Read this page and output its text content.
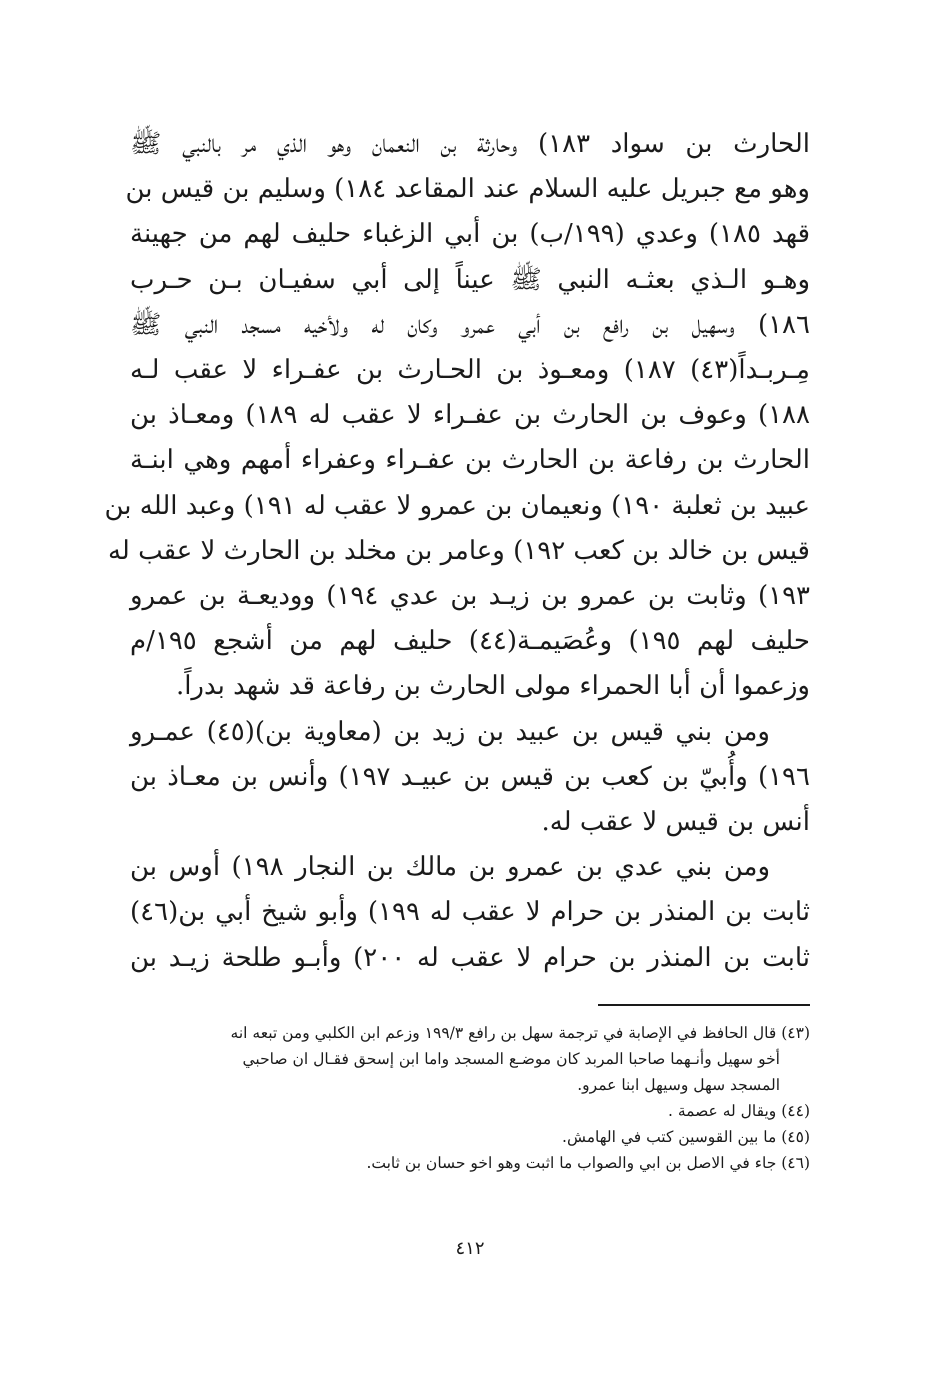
الحارث بن سواد ١٨٣) وحارثة بن النعمان وهو الذي مر بالنبي ﷺ
وهو مع جبريل عليه السلام عند المقاعد ١٨٤) وسليم بن قيس بن
قهد ١٨٥) وعدي (١٩٩/ب) بن أبي الزغباء حليف لهم من جهينة
وهـو الـذي بعثـه النبي ﷺ عيناً إلى أبي سفيـان بـن حـرب
١٨٦) وسهيل بن رافع بن أبي عمرو وكان له ولأخيه مسجد النبي ﷺ
مِـربـداً(٤٣) ١٨٧) ومعـوذ بن الحـارث بن عفـراء لا عقب لـه
١٨٨) وعوف بن الحارث بن عفـراء لا عقب له ١٨٩) ومعـاذ بن
الحارث بن رفاعة بن الحارث بن عفـراء وعفراء أمهم وهي ابنـة
عبيد بن ثعلبة ١٩٠) ونعيمان بن عمرو لا عقب له ١٩١) وعبد الله بن
قيس بن خالد بن كعب ١٩٢) وعامر بن مخلد بن الحارث لا عقب له
١٩٣) وثابت بن عمرو بن زيـد بن عدي ١٩٤) ووديعـة بن عمرو
حليف لهم ١٩٥) وعُصَيمـة(٤٤) حليف لهم من أشجع ١٩٥/م
وزعموا أن أبا الحمراء مولى الحارث بن رفاعة قد شهد بدراً.
ومن بني قيس بن عبيد بن زيد بن (معاوية بن)(٤٥) عمـرو
١٩٦) وأُبيّ بن كعب بن قيس بن عبيـد ١٩٧) وأنس بن معـاذ بن
أنس بن قيس لا عقب له.
ومن بني عدي بن عمرو بن مالك بن النجار ١٩٨) أوس بن
ثابت بن المنذر بن حرام لا عقب له ١٩٩) وأبو شيخ أبي بن(٤٦)
ثابت بن المنذر بن حرام لا عقب له ٢٠٠) وأبـو طلحة زيـد بن
(٤٣) قال الحافظ في الإصابة في ترجمة سهل بن رافع ١٩٩/٣ وزعم ابن الكلبي ومن تبعه انه
أخو سهيل وأنـهما صاحبا المربد كان موضـع المسجد واما ابن إسحق فقـال ان صاحبي
المسجد سهل وسيهل ابنا عمرو.
(٤٤) ويقال له عصمة .
(٤٥) ما بين القوسين كتب في الهامش.
(٤٦) جاء في الاصل بن ابي والصواب ما اثبت وهو اخو حسان بن ثابت.
٤١٢
